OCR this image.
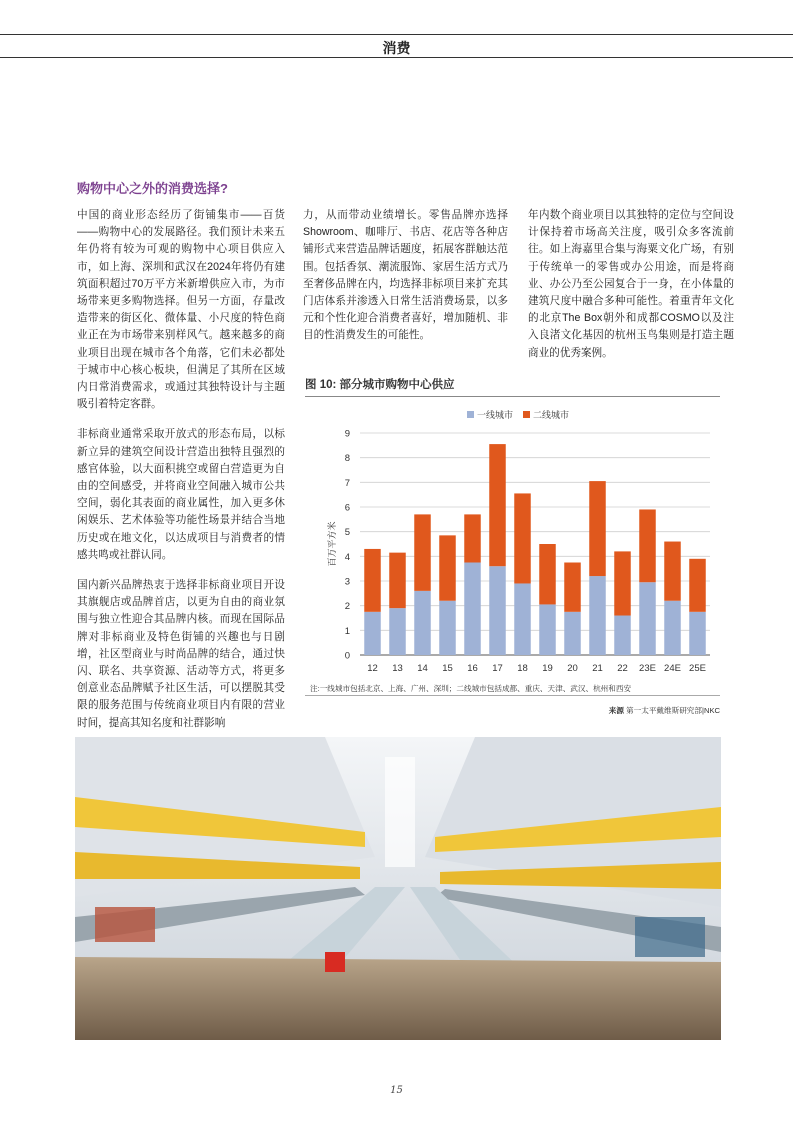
消费
购物中心之外的消费选择?

中国的商业形态经历了街铺集市——百货——购物中心的发展路径。我们预计未来五年仍将有较为可观的购物中心项目供应入市，如上海、深圳和武汉在2024年将仍有建筑面积超过70万平方米新增供应入市，为市场带来更多购物选择。但另一方面，存量改造带来的街区化、微体量、小尺度的特色商业正在为市场带来别样风气。越来越多的商业项目出现在城市各个角落，它们未必都处于城市中心核心板块，但满足了其所在区域内日常消费需求，或通过其独特设计与主题吸引着特定客群。

非标商业通常采取开放式的形态布局，以标新立异的建筑空间设计营造出独特且强烈的感官体验，以大面积挑空或留白营造更为自由的空间感受，并将商业空间融入城市公共空间，弱化其表面的商业属性，加入更多休闲娱乐、艺术体验等功能性场景并结合当地历史或在地文化，以达成项目与消费者的情感共鸣或社群认同。

国内新兴品牌热衷于选择非标商业项目开设其旗舰店或品牌首店，以更为自由的商业氛围与独立性迎合其品牌内核。而现在国际品牌对非标商业及特色街铺的兴趣也与日剧增，社区型商业与时尚品牌的结合，通过快闪、联名、共享资源、活动等方式，将更多创意业态品牌赋予社区生活，可以摆脱其受限的服务范围与传统商业项目内有限的营业时间，提高其知名度和社群影响

力，从而带动业绩增长。零售品牌亦选择Showroom、咖啡厅、书店、花店等各种店铺形式来营造品牌话题度，拓展客群触达范围。包括香氛、潮流服饰、家居生活方式乃至奢侈品牌在内，均选择非标项目来扩充其门店体系并渗透入日常生活消费场景，以多元和个性化迎合消费者喜好，增加随机、非目的性消费发生的可能性。

年内数个商业项目以其独特的定位与空间设计保持着市场高关注度，吸引众多客流前往。如上海嘉里合集与海粟文化广场，有别于传统单一的零售或办公用途，而是将商业、办公乃至公园复合于一身，在小体量的建筑尺度中融合多种可能性。着重青年文化的北京The Box朝外和成都COSMO以及注入良渚文化基因的杭州玉鸟集则是打造主题商业的优秀案例。

图 10: 部分城市购物中心供应
0
1
2
3
4
5
6
7
8
9
12 13 14 15 16 17 18 19 20 21 22 23E 24E 25E
百万平方米
一线城市 二线城市
注:一线城市包括北京、上海、广州、深圳；二线城市包括成都、重庆、天津、武汉、杭州和西安
来源 第一太平戴维斯研究部|NKC
15
